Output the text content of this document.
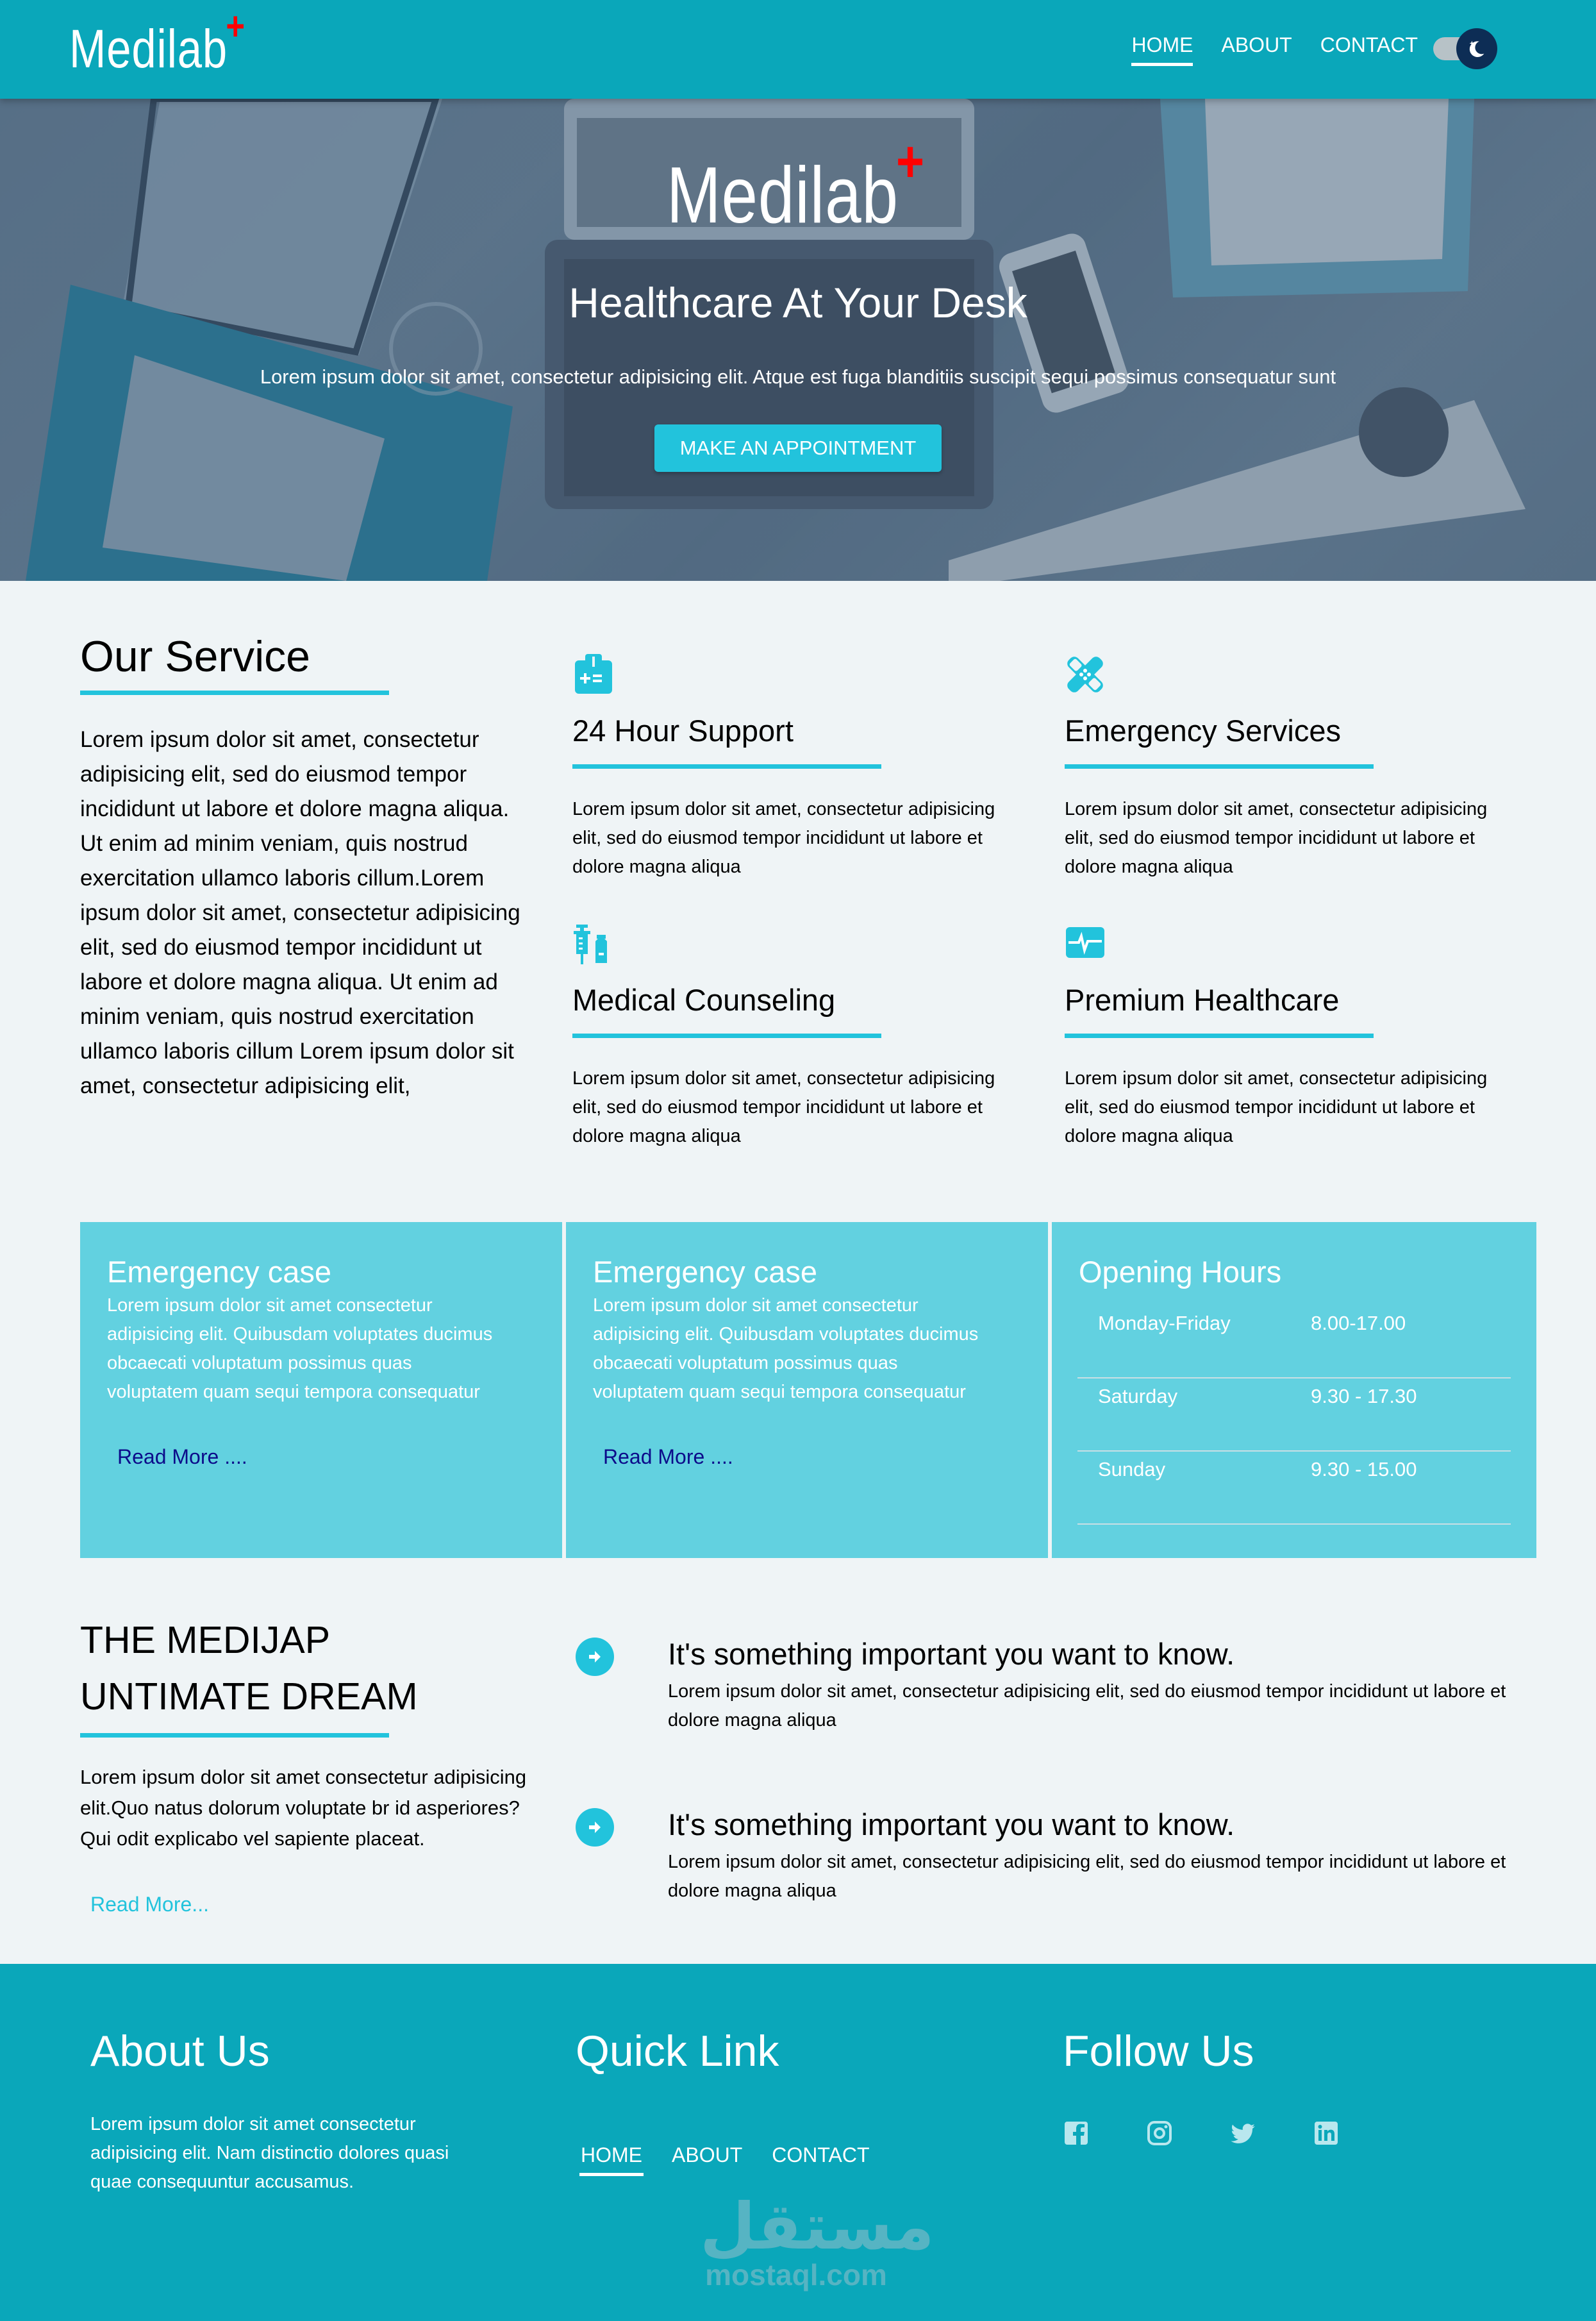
Medilab
+	HOME ABOUT CONTACT
Medilab
+
Healthcare At Your Desk

Lorem ipsum dolor sit amet, consectetur adipisicing elit. Atque est fuga blanditiis suscipit sequi possimus consequatur sunt

MAKE AN APPOINTMENT
Our Service

Lorem ipsum dolor sit amet, consectetur adipisicing elit, sed do eiusmod tempor incididunt ut labore et dolore magna aliqua. Ut enim ad minim veniam, quis nostrud exercitation ullamco laboris cillum.Lorem ipsum dolor sit amet, consectetur adipisicing elit, sed do eiusmod tempor incididunt ut labore et dolore magna aliqua. Ut enim ad minim veniam, quis nostrud exercitation ullamco laboris cillum Lorem ipsum dolor sit amet, consectetur adipisicing elit,

24 Hour Support

Lorem ipsum dolor sit amet, consectetur adipisicing elit, sed do eiusmod tempor incididunt ut labore et dolore magna aliqua

Emergency Services

Lorem ipsum dolor sit amet, consectetur adipisicing elit, sed do eiusmod tempor incididunt ut labore et dolore magna aliqua

Medical Counseling

Lorem ipsum dolor sit amet, consectetur adipisicing elit, sed do eiusmod tempor incididunt ut labore et dolore magna aliqua

Premium Healthcare

Lorem ipsum dolor sit amet, consectetur adipisicing elit, sed do eiusmod tempor incididunt ut labore et dolore magna aliqua

Emergency case

Lorem ipsum dolor sit amet consectetur adipisicing elit. Quibusdam voluptates ducimus obcaecati voluptatum possimus quas voluptatem quam sequi tempora consequatur

Read More ....
Emergency case

Lorem ipsum dolor sit amet consectetur adipisicing elit. Quibusdam voluptates ducimus obcaecati voluptatum possimus quas voluptatem quam sequi tempora consequatur

Read More ....
Opening Hours
Monday-Friday	8.00-17.00
Saturday	9.30 - 17.30
Sunday	9.30 - 15.00
THE MEDIJAP
UNTIMATE DREAM

Lorem ipsum dolor sit amet consectetur adipisicing elit.Quo natus dolorum voluptate br id asperiores?Qui odit explicabo vel sapiente placeat.

Read More...
It's something important you want to know.

Lorem ipsum dolor sit amet, consectetur adipisicing elit, sed do eiusmod tempor incididunt ut labore et dolore magna aliqua

It's something important you want to know.

Lorem ipsum dolor sit amet, consectetur adipisicing elit, sed do eiusmod tempor incididunt ut labore et dolore magna aliqua

About Us

Lorem ipsum dolor sit amet consectetur adipisicing elit. Nam distinctio dolores quasi quae consequuntur accusamus.

Quick Link
HOME ABOUT CONTACT
Follow Us
مستقل
mostaql.com
